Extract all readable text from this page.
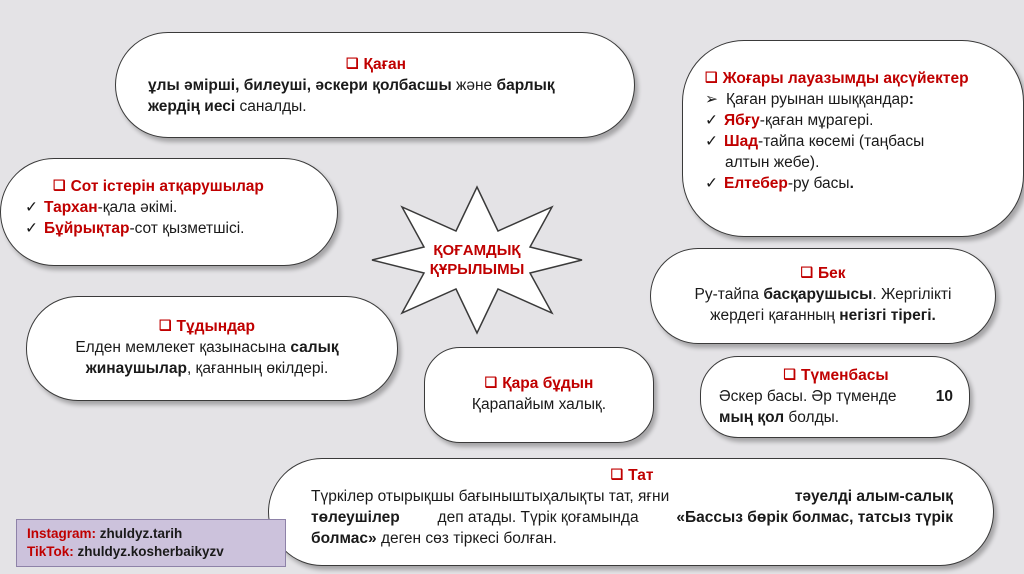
ҚОҒАМДЫҚ
ҚҰРЫЛЫМЫ
❑ Қаған
ұлы әмірші, билеуші, әскери қолбасшы және барлық
жердің иесі саналды.
❑ Сот істерін атқарушылар
✓ Тархан-қала әкімі.
✓ Бұйрықтар-сот қызметшісі.
❑ Жоғары лауазымды ақсүйектер
➢ Қаған руынан шыққандар:
✓ Ябғу-қаған мұрагері.
✓ Шад-тайпа көсемі (таңбасы
алтын жебе).
✓ Елтебер-ру басы.
❑ Тұдындар
Елден мемлекет қазынасына салық
жинаушылар, қағанның өкілдері.
❑ Бек
Ру-тайпа басқарушысы. Жергілікті
жердегі қағанның негізгі тірегі.
❑ Қара бұдын
Қарапайым халық.
❑ Түменбасы
Әскер басы. Әр түменде	10
мың қол болды.
❑ Тат
Түркілер отырықшы бағыныштыҳалықты тат, яғни	тәуелді алым-салық
төлеушілер деп атады. Түрік қоғамында «Бассыз бөрік болмас, татсыз түрік
болмас» деген сөз тіркесі болған.
Instagram: zhuldyz.tarih
TikTok: zhuldyz.kosherbaikyzv
